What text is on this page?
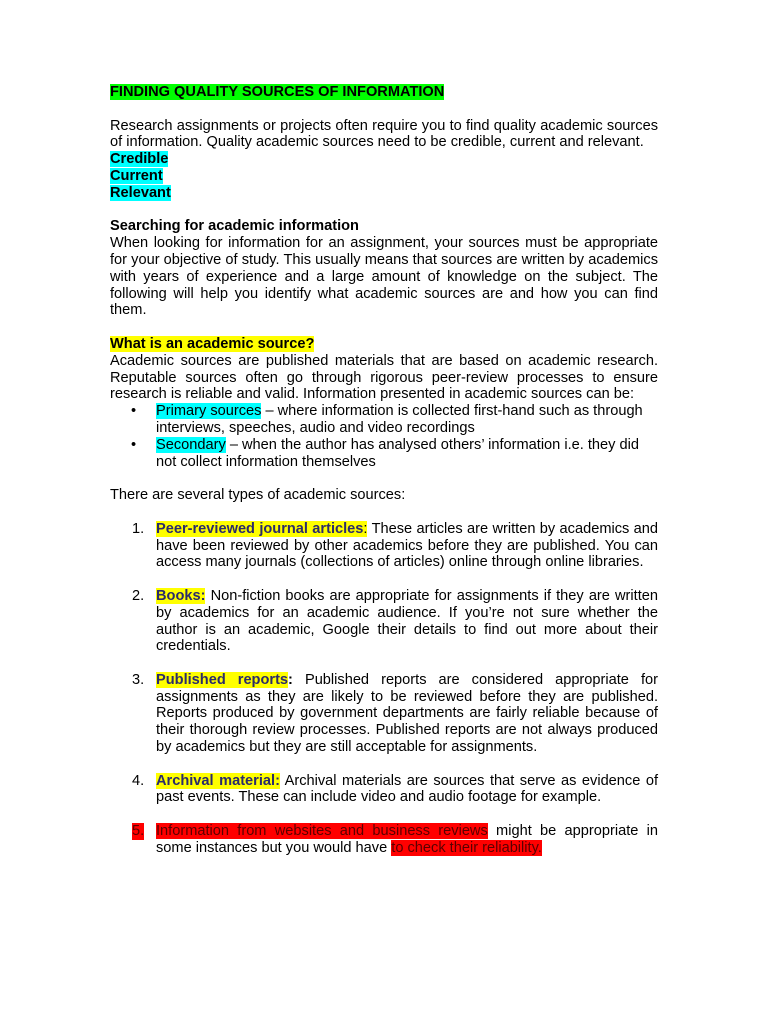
FINDING QUALITY SOURCES OF INFORMATION

Research assignments or projects often require you to find quality academic sources of information. Quality academic sources need to be credible, current and relevant.

Credible

Current

Relevant

Searching for academic information

When looking for information for an assignment, your sources must be appropriate for your objective of study. This usually means that sources are written by academics with years of experience and a large amount of knowledge on the subject. The following will help you identify what academic sources are and how you can find them.

What is an academic source?

Academic sources are published materials that are based on academic research. Reputable sources often go through rigorous peer-review processes to ensure research is reliable and valid. Information presented in academic sources can be:

• Primary sources – where information is collected first-hand such as through interviews, speeches, audio and video recordings
• Secondary – when the author has analysed others’ information i.e. they did not collect information themselves

There are several types of academic sources:

1. Peer-reviewed journal articles: These articles are written by academics and have been reviewed by other academics before they are published. You can access many journals (collections of articles) online through online libraries.
2. Books: Non-fiction books are appropriate for assignments if they are written by academics for an academic audience. If you’re not sure whether the author is an academic, Google their details to find out more about their credentials.
3. Published reports: Published reports are considered appropriate for assignments as they are likely to be reviewed before they are published. Reports produced by government departments are fairly reliable because of their thorough review processes. Published reports are not always produced by academics but they are still acceptable for assignments.
4. Archival material: Archival materials are sources that serve as evidence of past events. These can include video and audio footage for example.
5. Information from websites and business reviews might be appropriate in some instances but you would have to check their reliability.
